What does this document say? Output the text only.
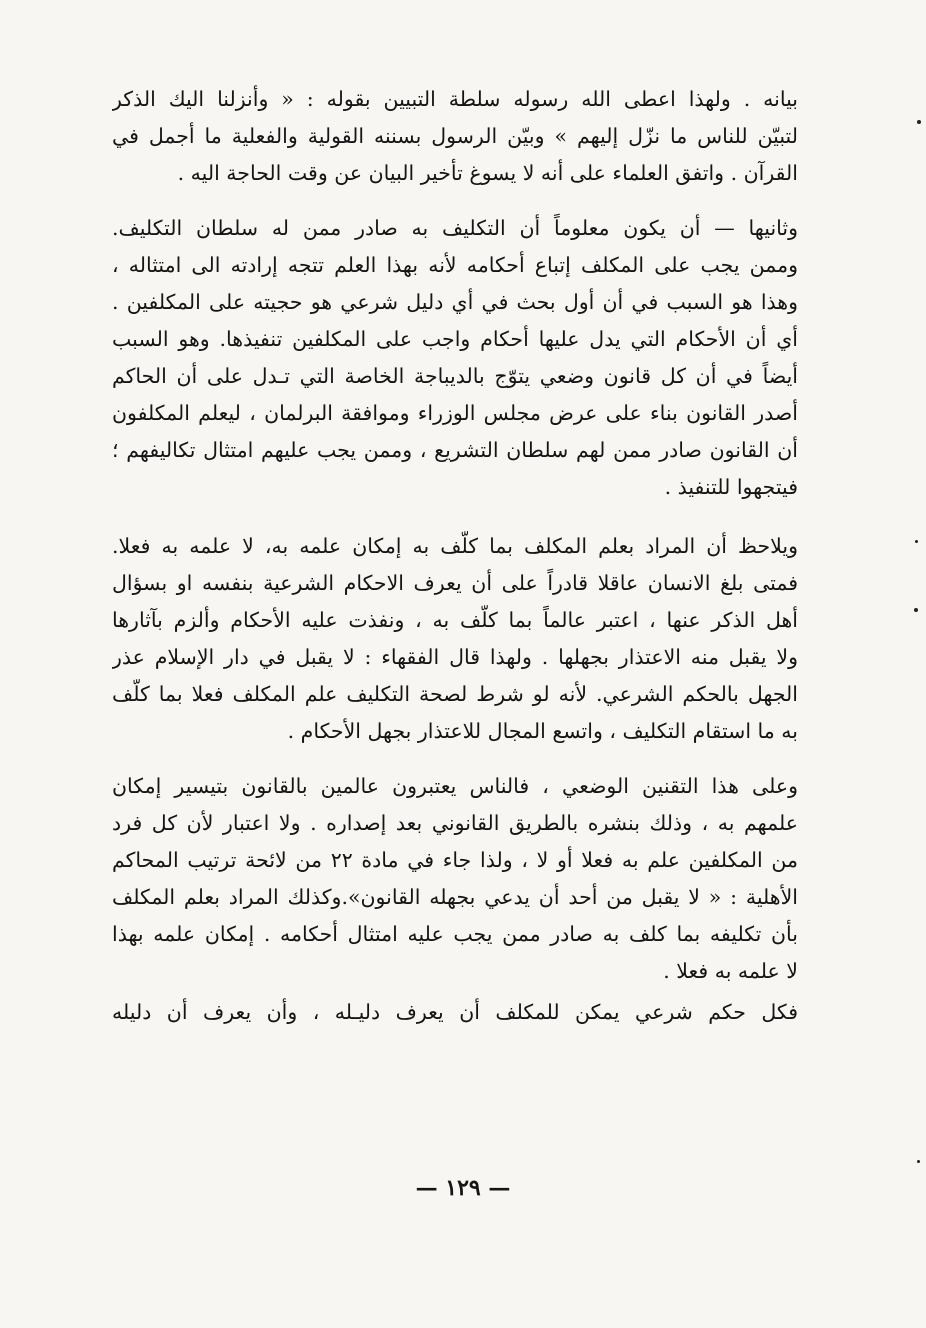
بيانه . ولهذا اعطى الله رسوله سلطة التبيين بقوله : « وأنزلنا اليك الذكر
لتبيّن للناس ما نزّل إليهم » وبيّن الرسول بسننه القولية والفعلية ما أجمل في
القرآن . واتفق العلماء على أنه لا يسوغ تأخير البيان عن وقت الحاجة اليه .
وثانيها — أن يكون معلوماً أن التكليف به صادر ممن له سلطان التكليف.
وممن يجب على المكلف إتباع أحكامه لأنه بهذا العلم تتجه إرادته الى امتثاله ،
وهذا هو السبب في أن أول بحث في أي دليل شرعي هو حجيته على المكلفين .
أي أن الأحكام التي يدل عليها أحكام واجب على المكلفين تنفيذها. وهو السبب
أيضاً في أن كل قانون وضعي يتوّج بالديباجة الخاصة التي تـدل على أن الحاكم
أصدر القانون بناء على عرض مجلس الوزراء وموافقة البرلمان ، ليعلم المكلفون
أن القانون صادر ممن لهم سلطان التشريع ، وممن يجب عليهم امتثال تكاليفهم ؛
فيتجهوا للتنفيذ .
ويلاحظ أن المراد بعلم المكلف بما كلّف به إمكان علمه به، لا علمه به فعلا.
فمتى بلغ الانسان عاقلا قادراً على أن يعرف الاحكام الشرعية بنفسه او بسؤال
أهل الذكر عنها ، اعتبر عالماً بما كلّف به ، ونفذت عليه الأحكام وألزم بآثارها
ولا يقبل منه الاعتذار بجهلها . ولهذا قال الفقهاء : لا يقبل في دار الإسلام عذر
الجهل بالحكم الشرعي. لأنه لو شرط لصحة التكليف علم المكلف فعلا بما كلّف
به ما استقام التكليف ، واتسع المجال للاعتذار بجهل الأحكام .
وعلى هذا التقنين الوضعي ، فالناس يعتبرون عالمين بالقانون بتيسير إمكان
علمهم به ، وذلك بنشره بالطريق القانوني بعد إصداره . ولا اعتبار لأن كل فرد
من المكلفين علم به فعلا أو لا ، ولذا جاء في مادة ٢٢ من لائحة ترتيب المحاكم
الأهلية : « لا يقبل من أحد أن يدعي بجهله القانون».وكذلك المراد بعلم المكلف
بأن تكليفه بما كلف به صادر ممن يجب عليه امتثال أحكامه . إمكان علمه بهذا
لا علمه به فعلا .
فكل حكم شرعي يمكن للمكلف أن يعرف دليـله ، وأن يعرف أن دليله
— ١٢٩ —
